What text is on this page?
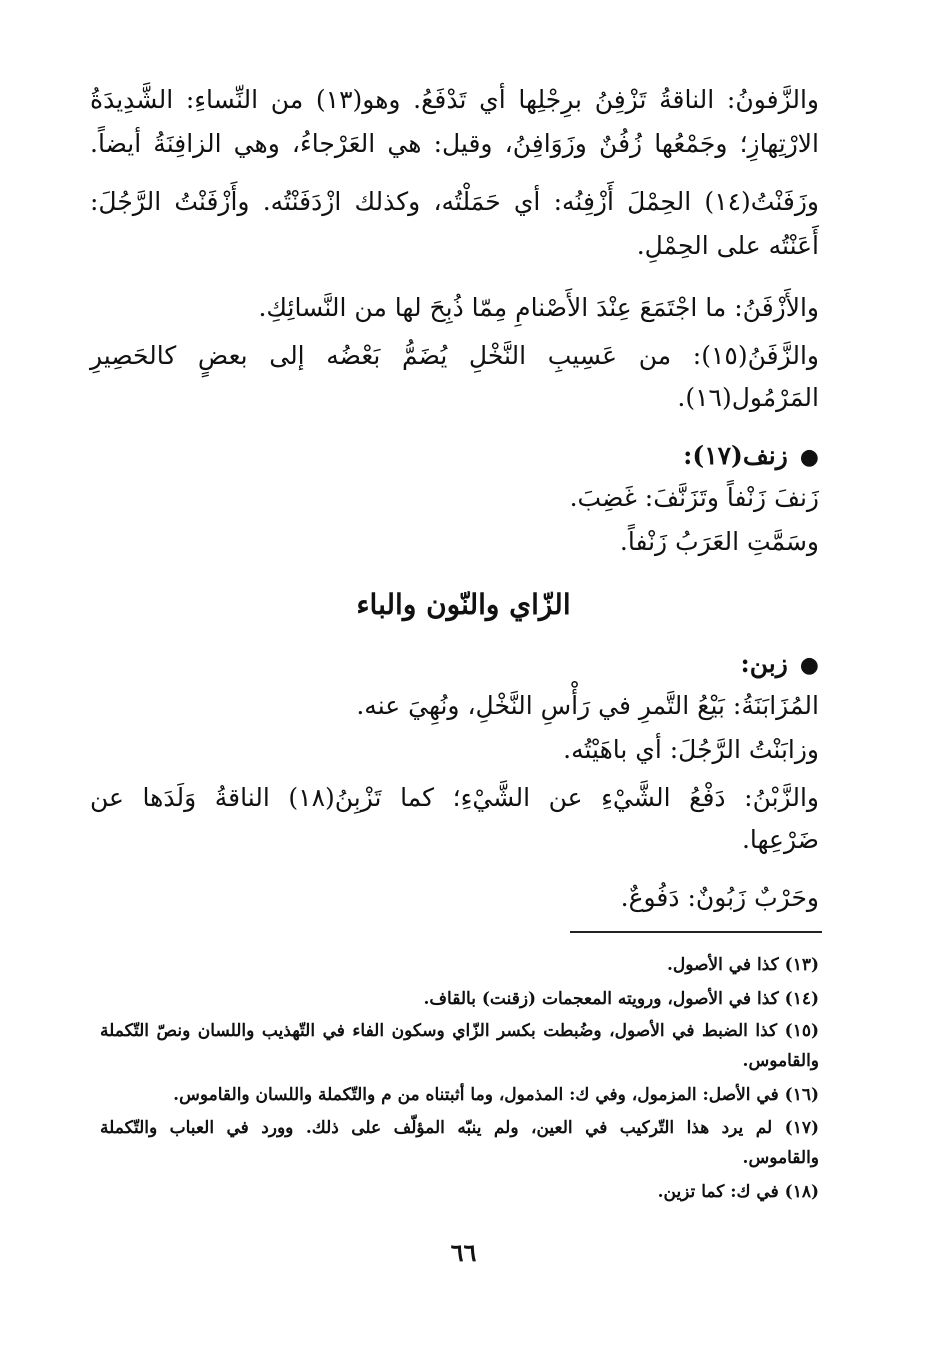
والزَّفونُ: الناقةُ تَزْفِنُ برِجْلِها أي تَدْفَعُ. وهو(١٣) من النِّساءِ: الشَّدِيدَةُ
الارْتِهازِ؛ وجَمْعُها زُفُنٌ وزَوَافِنُ، وقيل: هي العَرْجاءُ، وهي الزافِنَةُ أيضاً.
وزَفَنْتُ(١٤) الحِمْلَ أَزْفِنُه: أي حَمَلْتُه، وكذلك ازْدَفَنْتُه. وأَزْفَنْتُ الرَّجُلَ:
أَعَنْتُه على الحِمْلِ.
والأَزْفَنُ: ما اجْتَمَعَ عِنْدَ الأَصْنامِ مِمّا ذُبِحَ لها من النَّسائِكِ.
والزَّفَنُ(١٥): من عَسِيبِ النَّخْلِ يُضَمُّ بَعْضُه إلى بعضٍ كالحَصِيرِ
المَرْمُول(١٦).
●زنف(١٧):
زَنفَ زَنْفاً وتَزَنَّفَ: غَضِبَ.
وسَمَّتِ العَرَبُ زَنْفاً.
الزّاي والنّون والباء
●زبن:
المُزَابَنَةُ: بَيْعُ التَّمرِ في رَأْسِ النَّخْلِ، ونُهِيَ عنه.
وزابَنْتُ الرَّجُلَ: أي باهَيْتُه.
والزَّبْنُ: دَفْعُ الشَّيْءِ عن الشَّيْءِ؛ كما تَزْبِنُ(١٨) الناقةُ وَلَدَها عن
ضَرْعِها.
وحَرْبٌ زَبُونٌ: دَفُوعٌ.
(١٣) كذا في الأصول.
(١٤) كذا في الأصول، ورويته المعجمات (زقنت) بالقاف.
(١٥) كذا الضبط في الأصول، وضُبطت بكسر الزّاي وسكون الفاء في التّهذيب واللسان ونصّ التّكملة
والقاموس.
(١٦) في الأصل: المزمول، وفي ك: المذمول، وما أثبتناه من م والتّكملة واللسان والقاموس.
(١٧) لم يرد هذا التّركيب في العين، ولم ينبّه المؤلّف على ذلك. وورد في العباب والتّكملة
والقاموس.
(١٨) في ك: كما تزين.
٦٦
